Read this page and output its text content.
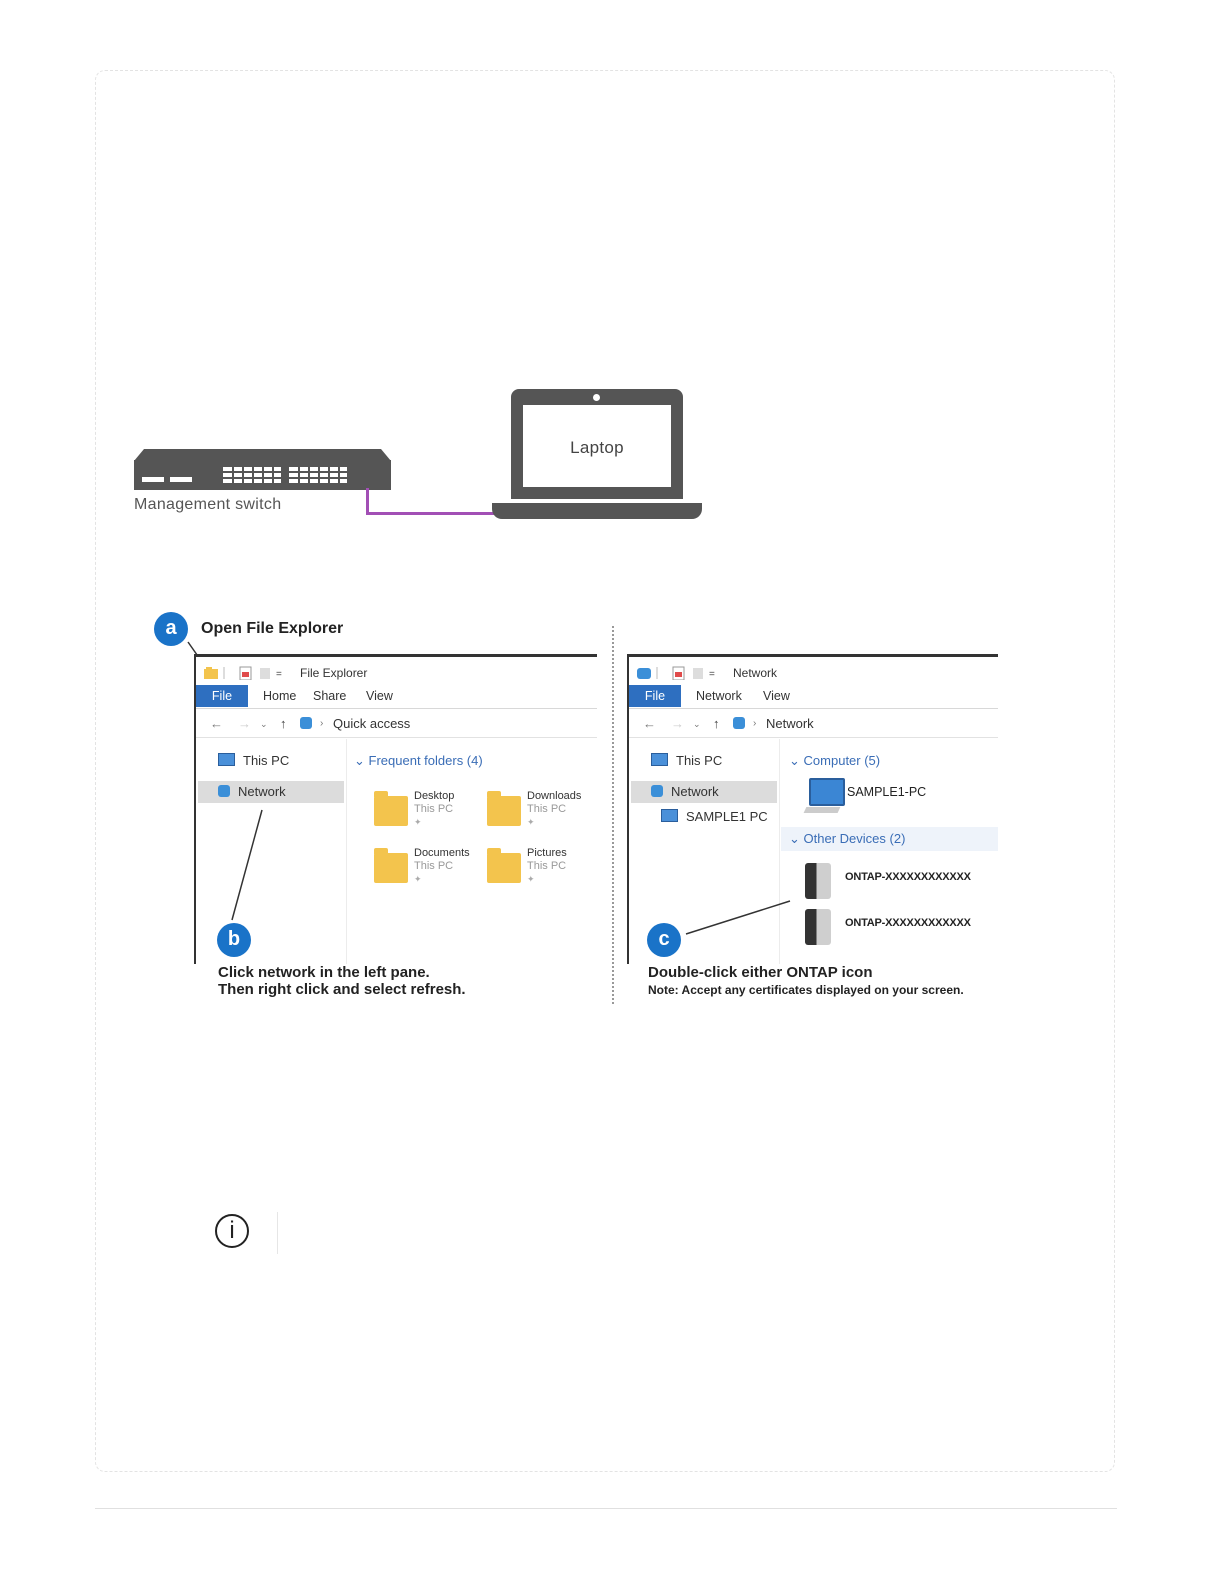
Management switch
Laptop
a	Open File Explorer
= File Explorer
File	Home Share View
← → ⌄ ↑	› Quick access
This PC
Network
⌄ Frequent folders (4)
Desktop
This PC
✦
Downloads
This PC
✦
Documents
This PC
✦
Pictures
This PC
✦
b
Click network in the left pane.
Then right click and select refresh.
= Network
File	Network View
← → ⌄ ↑	› Network
This PC
Network
SAMPLE1 PC
⌄ Computer (5)
SAMPLE1-PC
⌄ Other Devices (2)
ONTAP-XXXXXXXXXXXX
ONTAP-XXXXXXXXXXXX
c
Double-click either ONTAP icon
Note: Accept any certificates displayed on your screen.
i
